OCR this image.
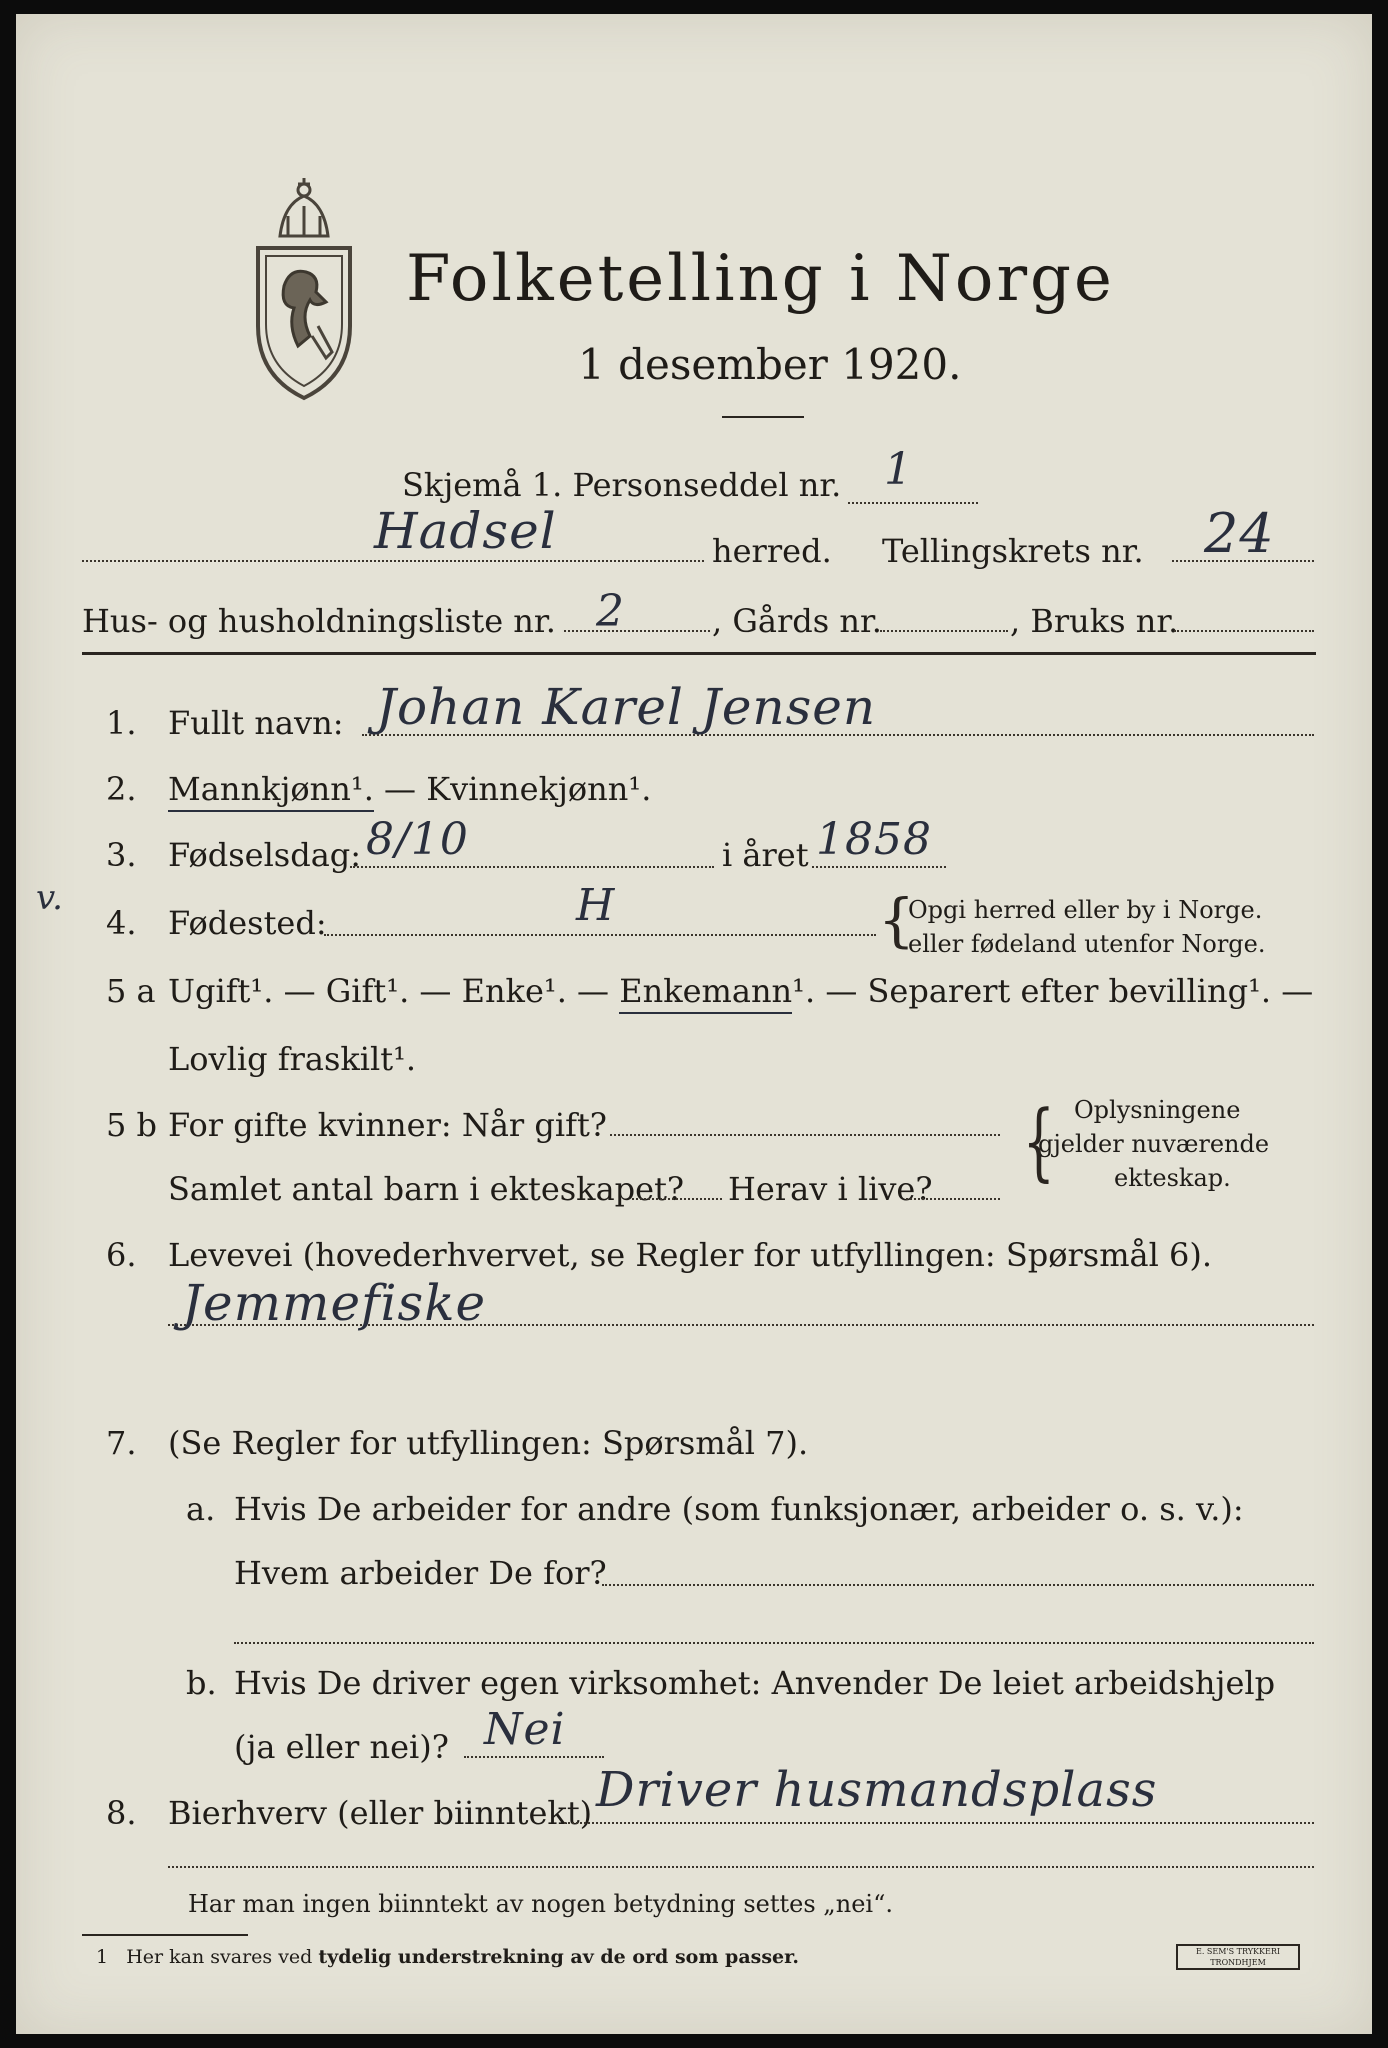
Folketelling i Norge
1 desember 1920.
Skjemå 1. Personseddel nr. 1
Hadsel	herred. Tellingskrets nr. 24
Hus- og husholdningsliste nr. 2	, Gårds nr.	, Bruks nr.
1. Fullt navn: Johan Karel Jensen
2. Mannkjønn¹. — Kvinnekjønn¹.
3. Fødselsdag: 8/10	i året 1858
v.
4. Fødested:	H	{
Opgi herred eller by i Norge.
eller fødeland utenfor Norge.
5 a Ugift¹. — Gift¹. — Enke¹. — Enkemann¹. — Separert efter bevilling¹. —
Lovlig fraskilt¹.
5 b For gifte kvinner: Når gift?
Samlet antal barn i ekteskapet? Herav i live? { Oplysningene
gjelder nuværende
ekteskap.
6. Levevei (hovederhvervet, se Regler for utfyllingen: Spørsmål 6).
Jemmefiske
7. (Se Regler for utfyllingen: Spørsmål 7).
a. Hvis De arbeider for andre (som funksjonær, arbeider o. s. v.):
Hvem arbeider De for?
b. Hvis De driver egen virksomhet: Anvender De leiet arbeidshjelp
(ja eller nei)? Nei
8. Bierhverv (eller biinntekt) Driver husmandsplass
Har man ingen biinntekt av nogen betydning settes „nei“.
1 Her kan svares ved tydelig understrekning av de ord som passer.	E. SEM'S TRYKKERI TRONDHJEM
